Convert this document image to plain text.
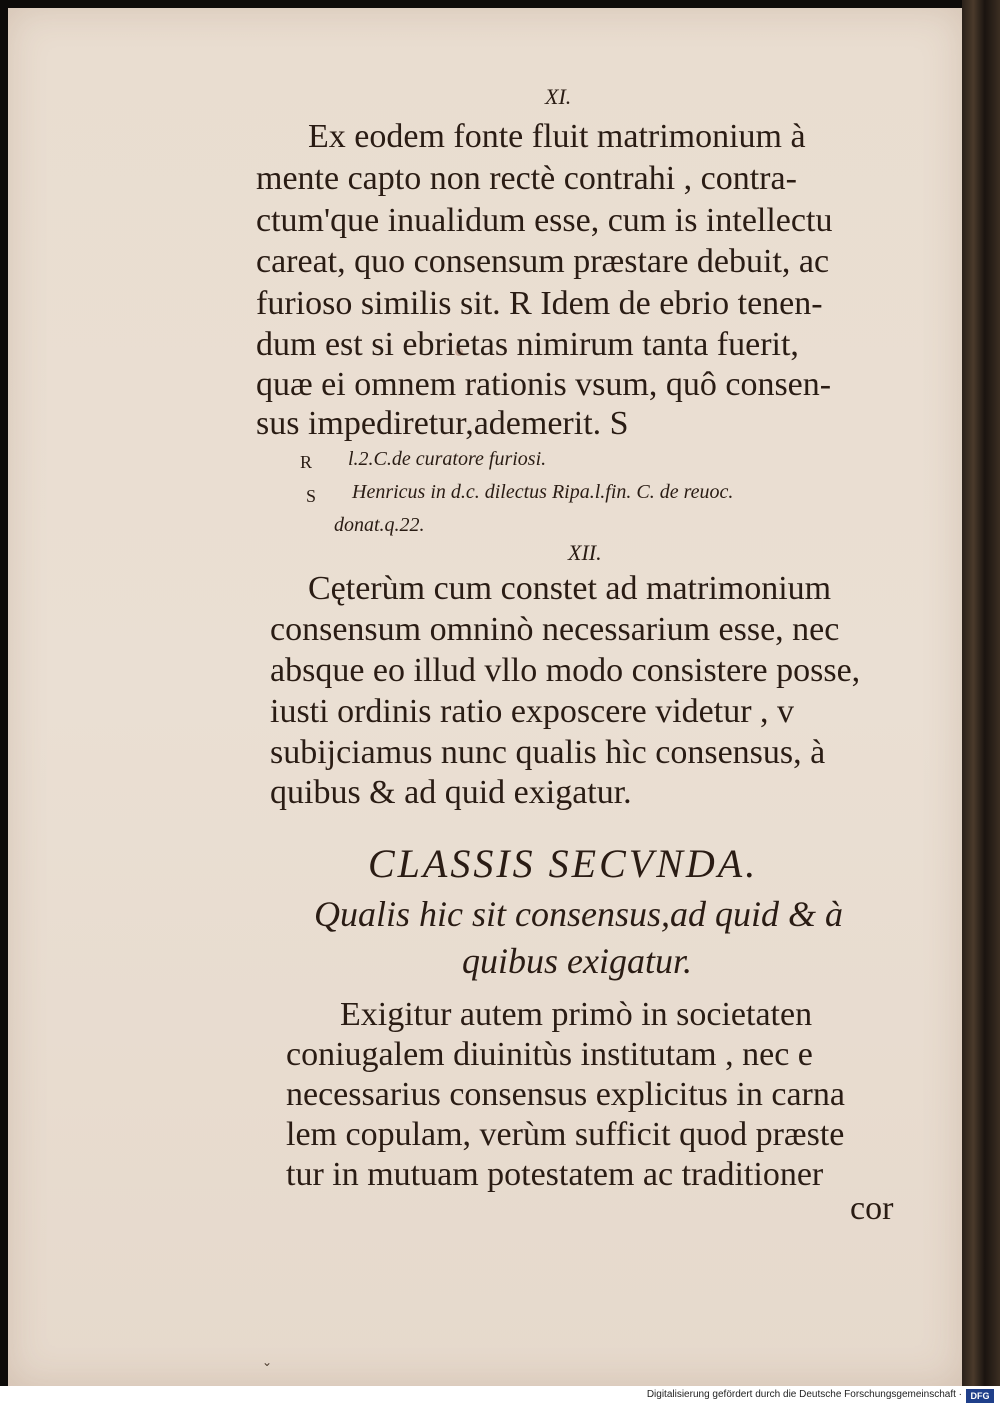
XI.
Ex eodem fonte fluit matrimonium à
mente capto non rectè contrahi , contra-
ctum'que inualidum esse, cum is intellectu
careat, quo consensum præstare debuit, ac
furioso similis sit. R Idem de ebrio tenen-
dum est si ebrietas nimirum tanta fuerit,
quæ ei omnem rationis vsum, quô consen-
sus impediretur,ademerit. S
R l.2.C.de curatore furiosi.
S Henricus in d.c. dilectus Ripa.l.fin. C. de reuoc.
donat.q.22.
XII.
Cęterùm cum constet ad matrimonium
consensum omninò necessarium esse, nec
absque eo illud vllo modo consistere posse,
iusti ordinis ratio exposcere videtur , v
subijciamus nunc qualis hìc consensus, à
quibus & ad quid exigatur.
CLASSIS SECVNDA.
Qualis hic sit consensus,ad quid & à
quibus exigatur.
Exigitur autem primò in societaten
coniugalem diuinitùs institutam , nec e
necessarius consensus explicitus in carna
lem copulam, verùm sufficit quod præste
tur in mutuam potestatem ac traditioner
cor
⌄
Digitalisierung gefördert durch die Deutsche Forschungsgemeinschaft · DFG
